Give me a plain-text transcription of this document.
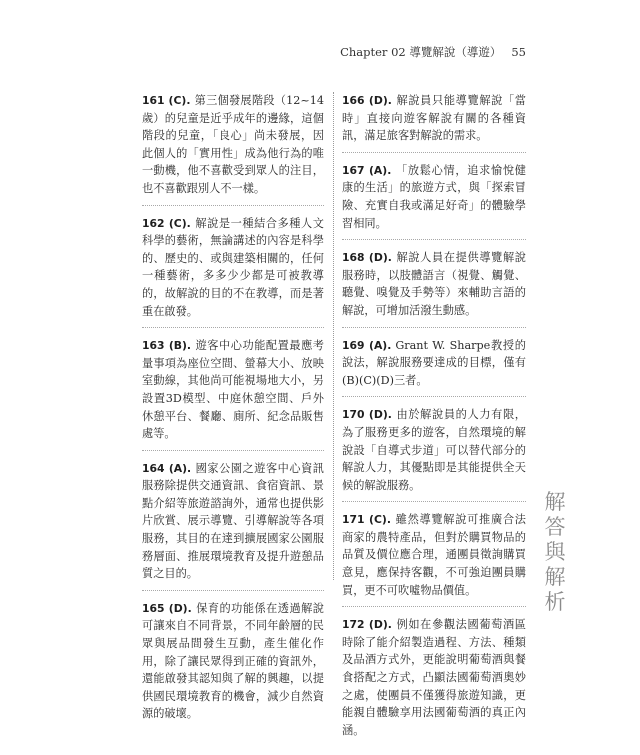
Chapter 02 導覽解說（導遊） 55

161 (C). 第三個發展階段（12~14歲）的兒童是近乎成年的邊緣，這個階段的兒童，「良心」尚未發展，因此個人的「實用性」成為他行為的唯一動機，他不喜歡受到眾人的注目，也不喜歡跟別人不一樣。

162 (C). 解說是一種結合多種人文科學的藝術，無論講述的內容是科學的、歷史的、或與建築相關的，任何一種藝術，多多少少都是可被教導的，故解說的目的不在教導，而是著重在啟發。

163 (B). 遊客中心功能配置最應考量事項為座位空間、螢幕大小、放映室動線，其他尚可能視場地大小，另設置3D模型、中庭休憩空間、戶外休憩平台、餐廳、廁所、紀念品販售處等。

164 (A). 國家公園之遊客中心資訊服務除提供交通資訊、食宿資訊、景點介紹等旅遊諮詢外，通常也提供影片欣賞、展示導覽、引導解說等各項服務，其目的在達到擴展國家公園服務層面、推展環境教育及提升遊憩品質之目的。

165 (D). 保育的功能係在透過解說可讓來自不同背景，不同年齡層的民眾與展品間發生互動，產生催化作用，除了讓民眾得到正確的資訊外，還能啟發其認知與了解的興趣，以提供國民環境教育的機會，減少自然資源的破壞。

166 (D). 解說員只能導覽解說「當時」直接向遊客解說有關的各種資訊，滿足旅客對解說的需求。

167 (A). 「放鬆心情，追求愉悅健康的生活」的旅遊方式，與「探索冒險、充實自我或滿足好奇」的體驗學習相同。

168 (D). 解說人員在提供導覽解說服務時，以肢體語言（視覺、觸覺、聽覺、嗅覺及手勢等）來輔助言語的解說，可增加活潑生動感。

169 (A). Grant W. Sharpe教授的說法，解說服務要達成的目標，僅有(B)(C)(D)三者。

170 (D). 由於解說員的人力有限，為了服務更多的遊客，自然環境的解說設「自導式步道」可以替代部分的解說人力，其優點即是其能提供全天候的解說服務。

171 (C). 雖然導覽解說可推廣合法商家的農特產品，但對於購買物品的品質及價位應合理，通團員徵詢購買意見，應保持客觀，不可強迫團員購買，更不可吹噓物品價值。

172 (D). 例如在參觀法國葡萄酒區時除了能介紹製造過程、方法、種類及品酒方式外，更能說明葡萄酒與餐食搭配之方式，凸顯法國葡萄酒奧妙之處，使團員不僅獲得旅遊知識，更能親自體驗享用法國葡萄酒的真正內涵。

解答與解析
